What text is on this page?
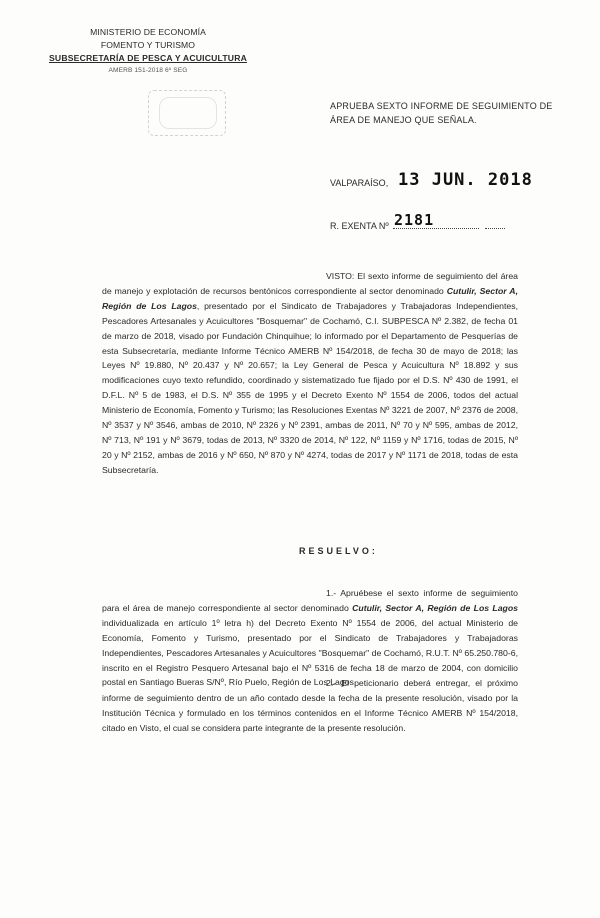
MINISTERIO DE ECONOMÍA
FOMENTO Y TURISMO
SUBSECRETARÍA DE PESCA Y ACUICULTURA
AMERB 151-2018 6º SEG
APRUEBA SEXTO INFORME DE SEGUIMIENTO DE ÁREA DE MANEJO QUE SEÑALA.
VALPARAÍSO, 13 JUN. 2018
R. EXENTA Nº 2181
VISTO: El sexto informe de seguimiento del área de manejo y explotación de recursos bentónicos correspondiente al sector denominado Cutulir, Sector A, Región de Los Lagos, presentado por el Sindicato de Trabajadores y Trabajadoras Independientes, Pescadores Artesanales y Acuicultores "Bosquemar" de Cochamó, C.I. SUBPESCA Nº 2.382, de fecha 01 de marzo de 2018, visado por Fundación Chinquihue; lo informado por el Departamento de Pesquerías de esta Subsecretaría, mediante Informe Técnico AMERB Nº 154/2018, de fecha 30 de mayo de 2018; las Leyes Nº 19.880, Nº 20.437 y Nº 20.657; la Ley General de Pesca y Acuicultura Nº 18.892 y sus modificaciones cuyo texto refundido, coordinado y sistematizado fue fijado por el D.S. Nº 430 de 1991, el D.F.L. Nº 5 de 1983, el D.S. Nº 355 de 1995 y el Decreto Exento Nº 1554 de 2006, todos del actual Ministerio de Economía, Fomento y Turismo; las Resoluciones Exentas Nº 3221 de 2007, Nº 2376 de 2008, Nº 3537 y Nº 3546, ambas de 2010, Nº 2326 y Nº 2391, ambas de 2011, Nº 70 y Nº 595, ambas de 2012, Nº 713, Nº 191 y Nº 3679, todas de 2013, Nº 3320 de 2014, Nº 122, Nº 1159 y Nº 1716, todas de 2015, Nº 20 y Nº 2152, ambas de 2016 y Nº 650, Nº 870 y Nº 4274, todas de 2017 y Nº 1171 de 2018, todas de esta Subsecretaría.
RESUELVO:
1.- Apruébese el sexto informe de seguimiento para el área de manejo correspondiente al sector denominado Cutulir, Sector A, Región de Los Lagos individualizada en artículo 1º letra h) del Decreto Exento Nº 1554 de 2006, del actual Ministerio de Economía, Fomento y Turismo, presentado por el Sindicato de Trabajadores y Trabajadoras Independientes, Pescadores Artesanales y Acuicultores "Bosquemar" de Cochamó, R.U.T. Nº 65.250.780-6, inscrito en el Registro Pesquero Artesanal bajo el Nº 5316 de fecha 18 de marzo de 2004, con domicilio postal en Santiago Bueras S/Nº, Río Puelo, Región de Los Lagos.
2.- El peticionario deberá entregar, el próximo informe de seguimiento dentro de un año contado desde la fecha de la presente resolución, visado por la Institución Técnica y formulado en los términos contenidos en el Informe Técnico AMERB Nº 154/2018, citado en Visto, el cual se considera parte integrante de la presente resolución.
